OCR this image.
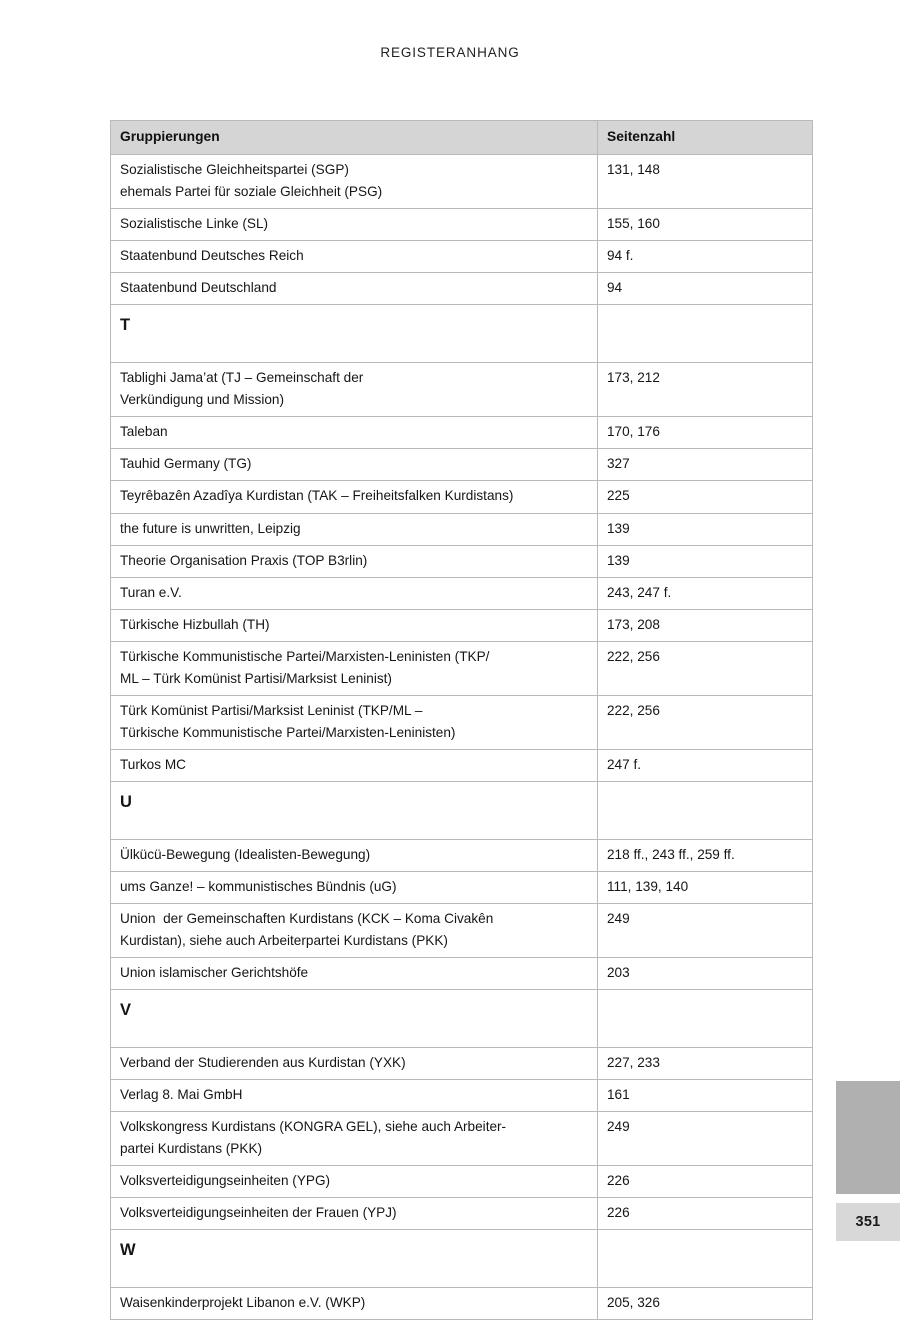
REGISTERANHANG
Gruppierungen	Seitenzahl

Sozialistische Gleichheitspartei (SGP)
ehemals Partei für soziale Gleichheit (PSG)	131, 148

Sozialistische Linke (SL)	155, 160

Staatenbund Deutsches Reich	94 f.

Staatenbund Deutschland	94

T	

Tablighi Jama’at (TJ – Gemeinschaft der
Verkündigung und Mission)	173, 212

Taleban	170, 176

Tauhid Germany (TG)	327

Teyrêbazên Azadîya Kurdistan (TAK – Freiheitsfalken Kurdistans)	225

the future is unwritten, Leipzig	139

Theorie Organisation Praxis (TOP B3rlin)	139

Turan e.V.	243, 247 f.

Türkische Hizbullah (TH)	173, 208

Türkische Kommunistische Partei/Marxisten-Leninisten (TKP/
ML – Türk Komünist Partisi/Marksist Leninist)	222, 256

Türk Komünist Partisi/Marksist Leninist (TKP/ML –
Türkische Kommunistische Partei/Marxisten-Leninisten)	222, 256

Turkos MC	247 f.

U	

Ülkücü-Bewegung (Idealisten-Bewegung)	218 ff., 243 ff., 259 ff.

ums Ganze! – kommunistisches Bündnis (uG)	111, 139, 140

Union  der Gemeinschaften Kurdistans (KCK – Koma Civakên
Kurdistan), siehe auch Arbeiterpartei Kurdistans (PKK)	249

Union islamischer Gerichtshöfe	203

V	

Verband der Studierenden aus Kurdistan (YXK)	227, 233

Verlag 8. Mai GmbH	161

Volkskongress Kurdistans (KONGRA GEL), siehe auch Arbeiter-
partei Kurdistans (PKK)	249

Volksverteidigungseinheiten (YPG)	226

Volksverteidigungseinheiten der Frauen (YPJ)	226

W	

Waisenkinderprojekt Libanon e.V. (WKP)	205, 326
351
